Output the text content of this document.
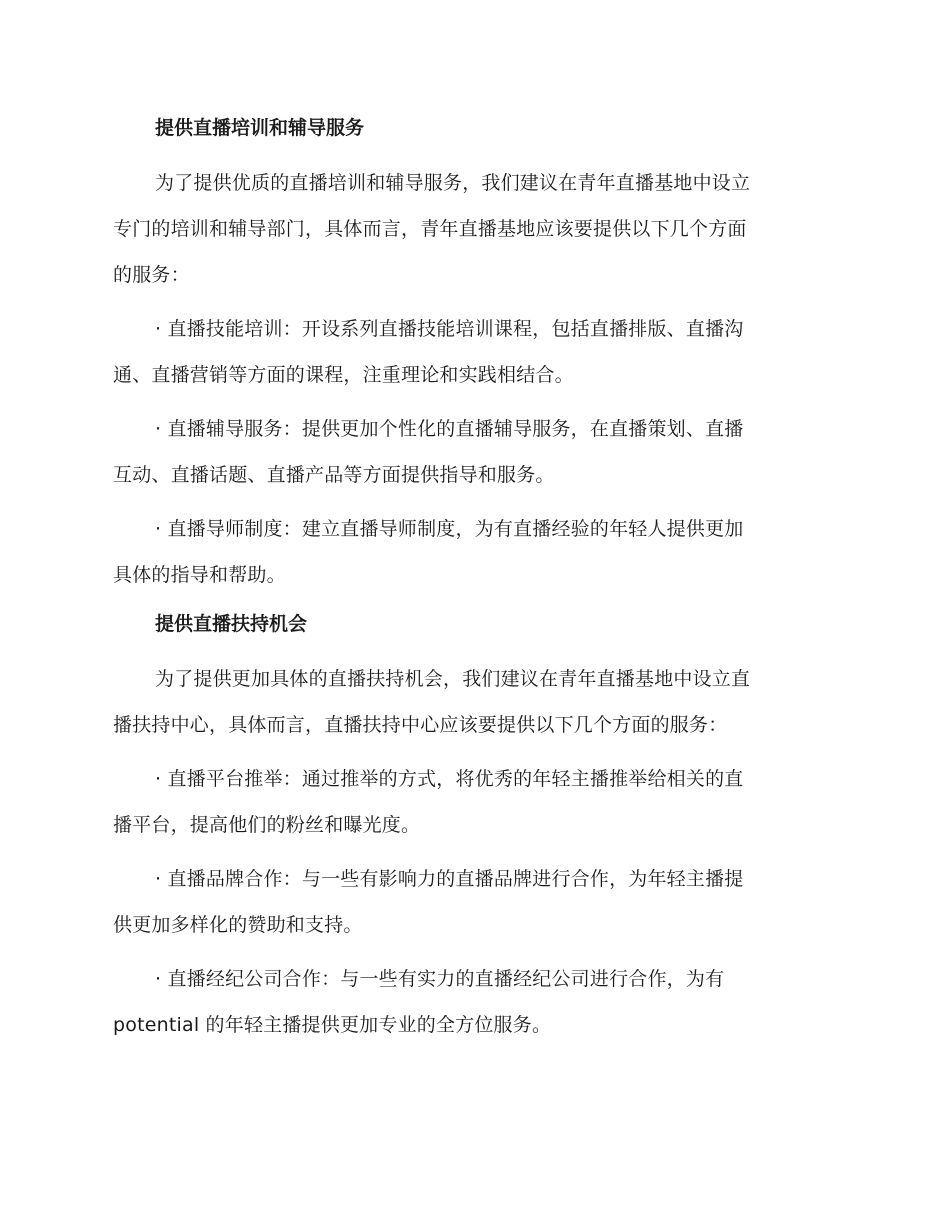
提供直播培训和辅导服务
为了提供优质的直播培训和辅导服务，我们建议在青年直播基地中设立
专门的培训和辅导部门，具体而言，青年直播基地应该要提供以下几个方面
的服务：
· 直播技能培训：开设系列直播技能培训课程，包括直播排版、直播沟
通、直播营销等方面的课程，注重理论和实践相结合。
· 直播辅导服务：提供更加个性化的直播辅导服务，在直播策划、直播
互动、直播话题、直播产品等方面提供指导和服务。
· 直播导师制度：建立直播导师制度，为有直播经验的年轻人提供更加
具体的指导和帮助。
提供直播扶持机会
为了提供更加具体的直播扶持机会，我们建议在青年直播基地中设立直
播扶持中心，具体而言，直播扶持中心应该要提供以下几个方面的服务：
· 直播平台推举：通过推举的方式，将优秀的年轻主播推举给相关的直
播平台，提高他们的粉丝和曝光度。
· 直播品牌合作：与一些有影响力的直播品牌进行合作，为年轻主播提
供更加多样化的赞助和支持。
· 直播经纪公司合作：与一些有实力的直播经纪公司进行合作，为有
potential 的年轻主播提供更加专业的全方位服务。
